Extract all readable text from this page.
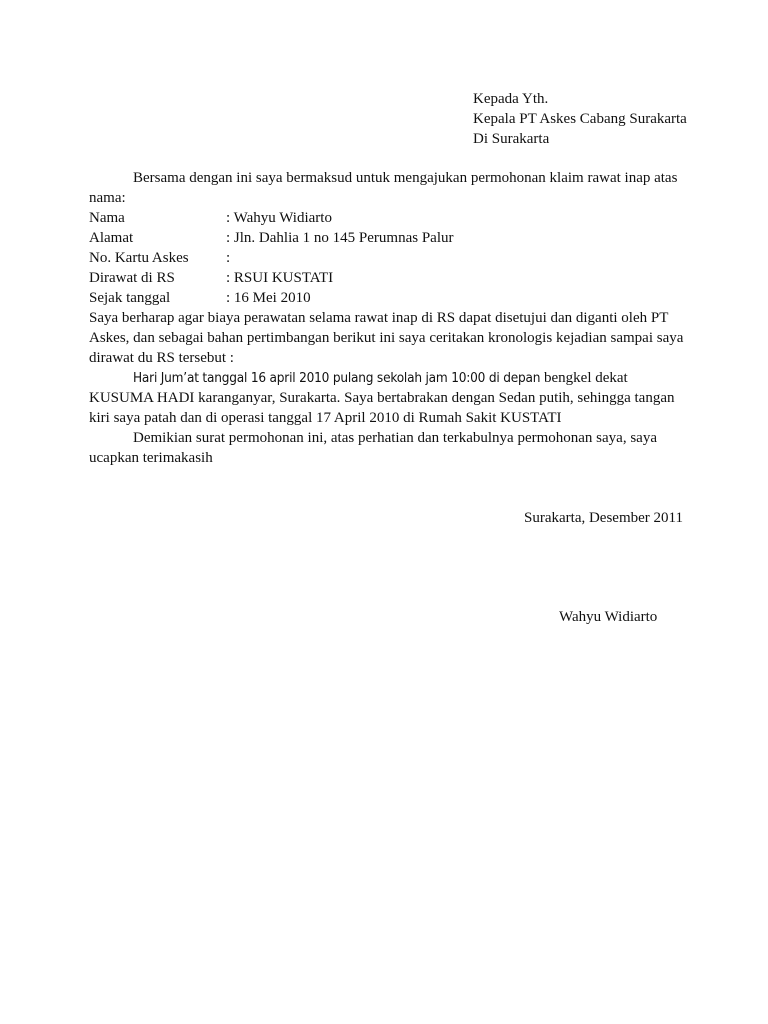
Kepada Yth.
Kepala PT Askes Cabang Surakarta
Di Surakarta
Bersama dengan ini saya bermaksud untuk mengajukan permohonan klaim rawat inap atas
nama:
Nama	: Wahyu Widiarto
Alamat	: Jln. Dahlia 1 no 145 Perumnas Palur
No. Kartu Askes :
Dirawat di RS	: RSUI KUSTATI
Sejak tanggal	: 16 Mei 2010
Saya berharap agar biaya perawatan selama rawat inap di RS dapat disetujui dan diganti oleh PT
Askes, dan sebagai bahan pertimbangan berikut ini saya ceritakan kronologis kejadian sampai saya
dirawat du RS tersebut :
Hari Jum’at tanggal 16 april 2010 pulang sekolah jam 10:00 di depan bengkel dekat
KUSUMA HADI karanganyar, Surakarta. Saya bertabrakan dengan Sedan putih, sehingga tangan
kiri saya patah dan di operasi tanggal 17 April 2010 di Rumah Sakit KUSTATI
Demikian surat permohonan ini, atas perhatian dan terkabulnya permohonan saya, saya
ucapkan terimakasih
Surakarta, Desember 2011
Wahyu Widiarto
